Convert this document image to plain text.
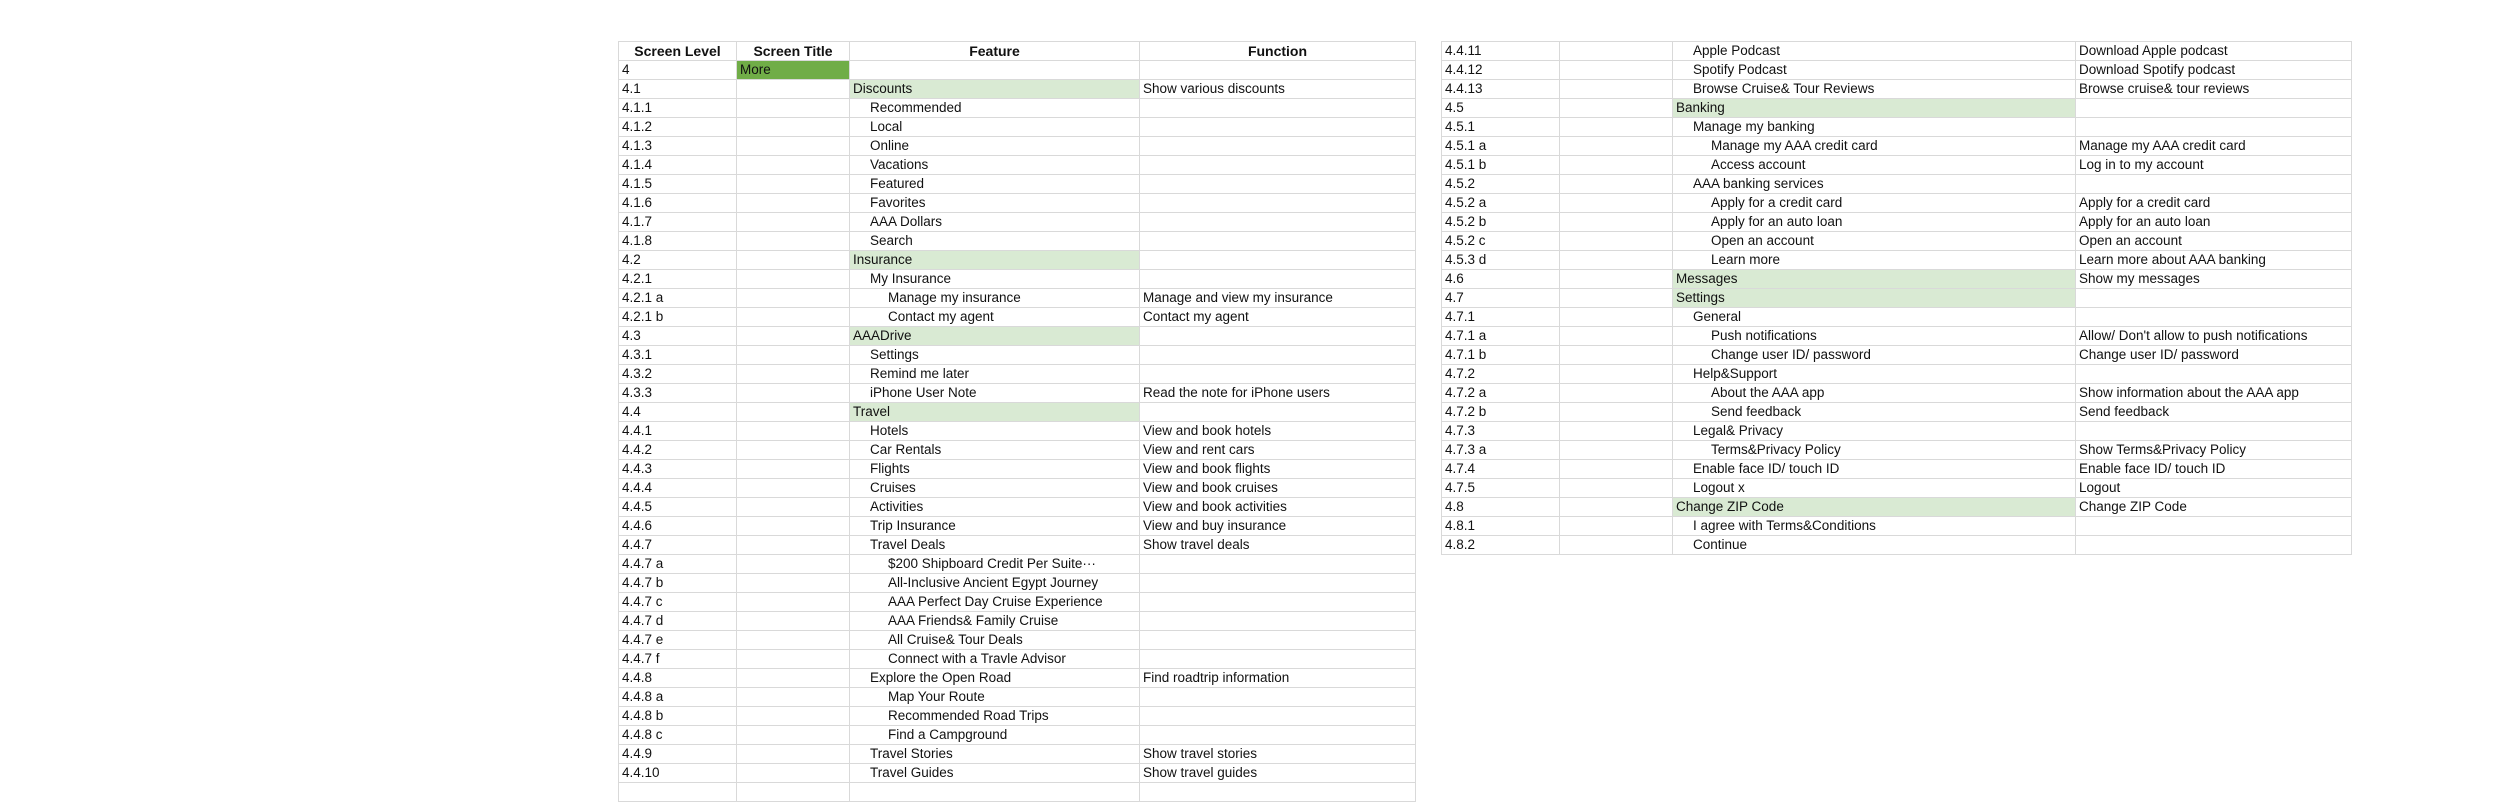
Screen Level	Screen Title	Feature	Function
4	More		
4.1		Discounts	Show various discounts
4.1.1		Recommended	
4.1.2		Local	
4.1.3		Online	
4.1.4		Vacations	
4.1.5		Featured	
4.1.6		Favorites	
4.1.7		AAA Dollars	
4.1.8		Search	
4.2		Insurance	
4.2.1		My Insurance	
4.2.1 a		Manage my insurance	Manage and view my insurance
4.2.1 b		Contact my agent	Contact my agent
4.3		AAADrive	
4.3.1		Settings	
4.3.2		Remind me later	
4.3.3		iPhone User Note	Read the note for iPhone users
4.4		Travel	
4.4.1		Hotels	View and book hotels
4.4.2		Car Rentals	View and rent cars
4.4.3		Flights	View and book flights
4.4.4		Cruises	View and book cruises
4.4.5		Activities	View and book activities
4.4.6		Trip Insurance	View and buy insurance
4.4.7		Travel Deals	Show travel deals
4.4.7 a		$200 Shipboard Credit Per Suite···	
4.4.7 b		All-Inclusive Ancient Egypt Journey	
4.4.7 c		AAA Perfect Day Cruise Experience	
4.4.7 d		AAA Friends& Family Cruise	
4.4.7 e		All Cruise& Tour Deals	
4.4.7 f		Connect with a Travle Advisor	
4.4.8		Explore the Open Road	Find roadtrip information
4.4.8 a		Map Your Route	
4.4.8 b		Recommended Road Trips	
4.4.8 c		Find a Campground	
4.4.9		Travel Stories	Show travel stories
4.4.10		Travel Guides	Show travel guides

4.4.11		Apple Podcast	Download Apple podcast
4.4.12		Spotify Podcast	Download Spotify podcast
4.4.13		Browse Cruise& Tour Reviews	Browse cruise& tour reviews
4.5		Banking	
4.5.1		Manage my banking	
4.5.1 a		Manage my AAA credit card	Manage my AAA credit card
4.5.1 b		Access account	Log in to my account
4.5.2		AAA banking services	
4.5.2 a		Apply for a credit card	Apply for a credit card
4.5.2 b		Apply for an auto loan	Apply for an auto loan
4.5.2 c		Open an account	Open an account
4.5.3 d		Learn more	Learn more about AAA banking
4.6		Messages	Show my messages
4.7		Settings	
4.7.1		General	
4.7.1 a		Push notifications	Allow/ Don't allow to push notifications
4.7.1 b		Change user ID/ password	Change user ID/ password
4.7.2		Help&Support	
4.7.2 a		About the AAA app	Show information about the AAA app
4.7.2 b		Send feedback	Send feedback
4.7.3		Legal& Privacy	
4.7.3 a		Terms&Privacy Policy	Show Terms&Privacy Policy
4.7.4		Enable face ID/ touch ID	Enable face ID/ touch ID
4.7.5		Logout x	Logout
4.8		Change ZIP Code	Change ZIP Code
4.8.1		I agree with Terms&Conditions	
4.8.2		Continue	
